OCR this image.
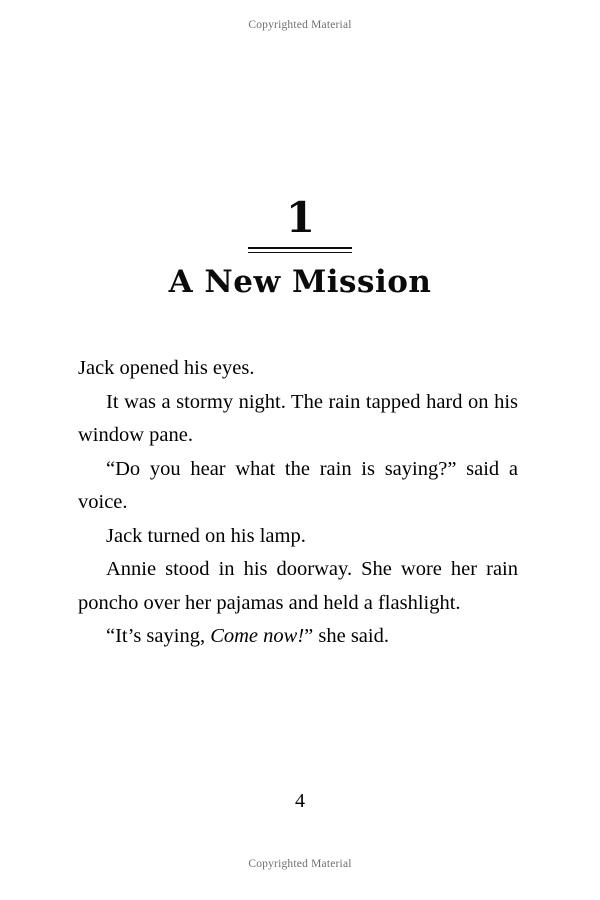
Copyrighted Material
1
A New Mission

Jack opened his eyes.

It was a stormy night. The rain tapped hard on his window pane.

“Do you hear what the rain is saying?” said a voice.

Jack turned on his lamp.

Annie stood in his doorway. She wore her rain poncho over her pajamas and held a flashlight.

“It’s saying, Come now!” she said.

4
Copyrighted Material
